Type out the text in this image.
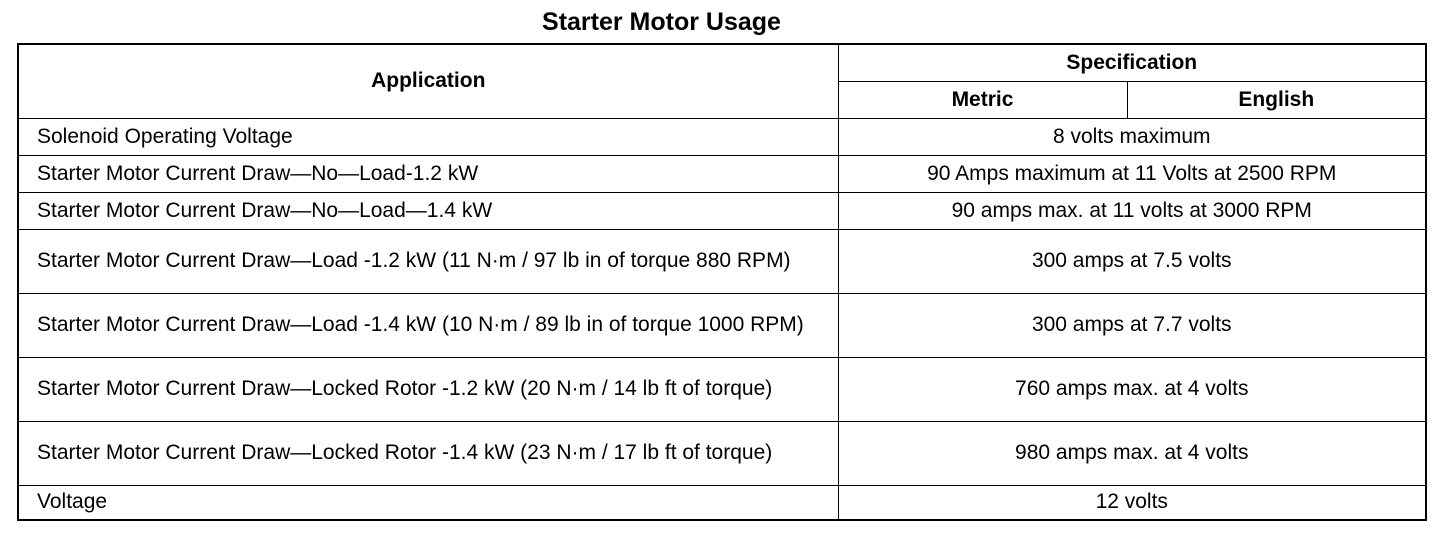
Starter Motor Usage
Application	Specification	
	Metric	English
Solenoid Operating Voltage	8 volts maximum	
Starter Motor Current Draw—No—Load-1.2 kW	90 Amps maximum at 11 Volts at 2500 RPM	
Starter Motor Current Draw—No—Load—1.4 kW	90 amps max. at 11 volts at 3000 RPM	
Starter Motor Current Draw—Load -1.2 kW (11 N·m / 97 lb in of torque 880 RPM)	300 amps at 7.5 volts	
Starter Motor Current Draw—Load -1.4 kW (10 N·m / 89 lb in of torque 1000 RPM)	300 amps at 7.7 volts	
Starter Motor Current Draw—Locked Rotor -1.2 kW (20 N·m / 14 lb ft of torque)	760 amps max. at 4 volts	
Starter Motor Current Draw—Locked Rotor -1.4 kW (23 N·m / 17 lb ft of torque)	980 amps max. at 4 volts	
Voltage	12 volts	
